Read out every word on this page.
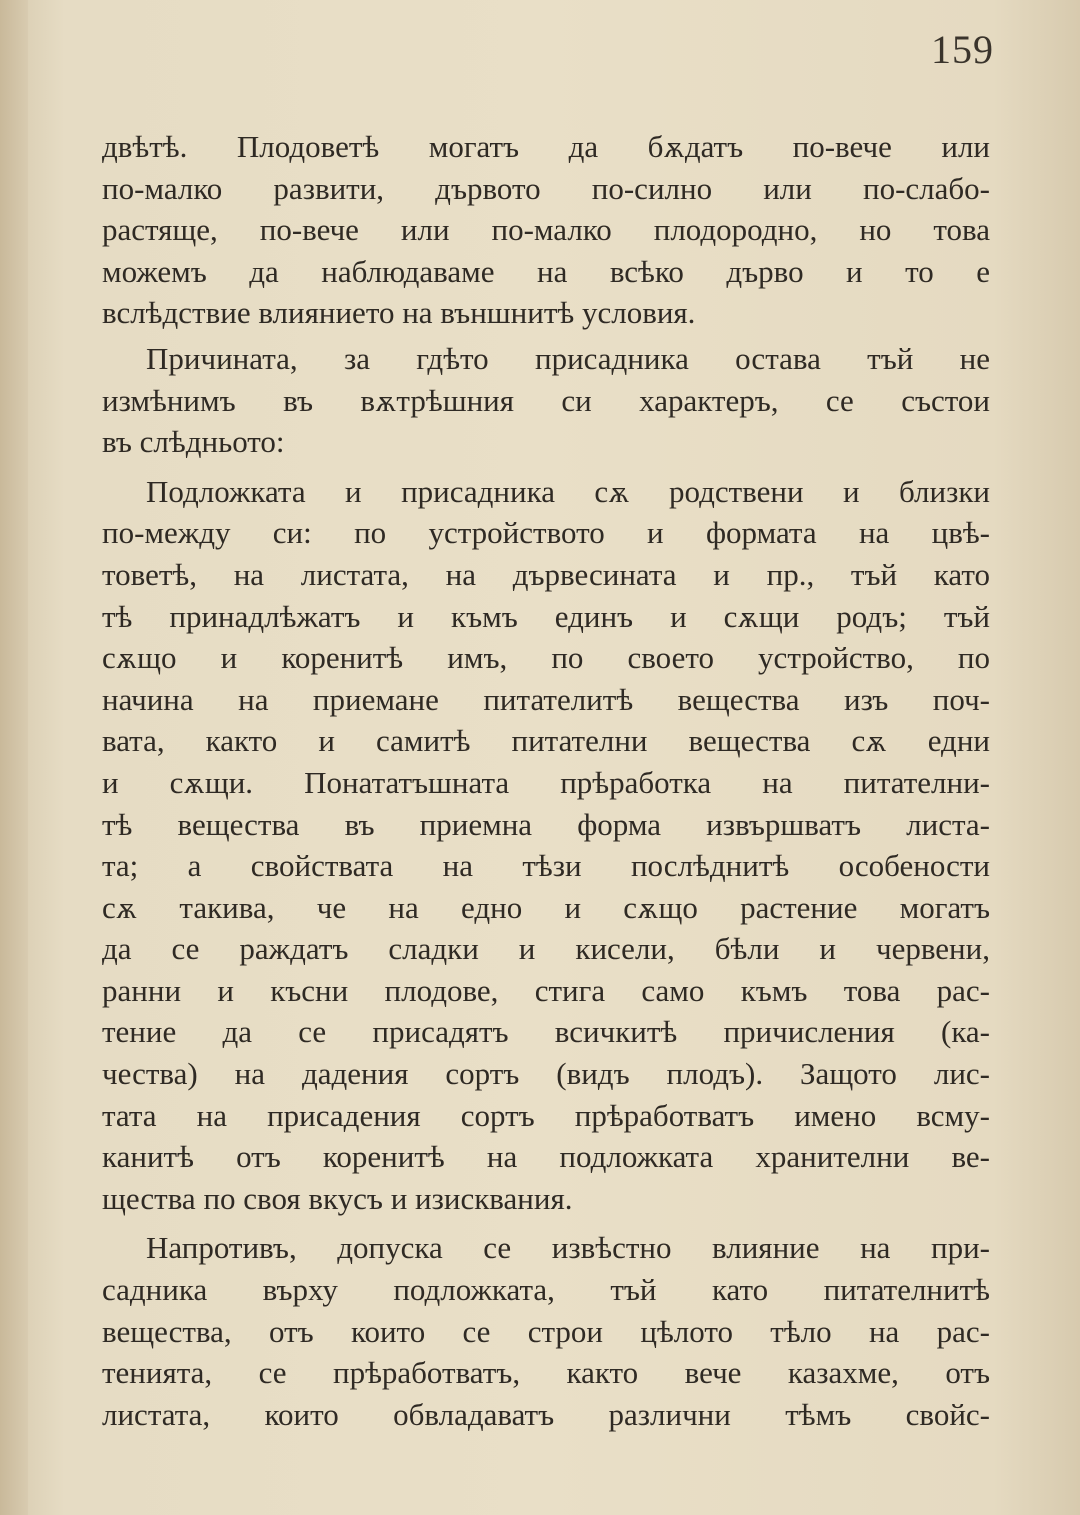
159
двѣтѣ. Плодоветѣ могатъ да бѫдатъ по-вече или
по-малко развити, дървото по-силно или по-слабо-
растяще, по-вече или по-малко плодородно, но това
можемъ да наблюдаваме на всѣко дърво и то е
вслѣдствие влиянието на външнитѣ условия.
Причината, за гдѣто присадника остава тъй не
измѣнимъ въ вѫтрѣшния си характеръ, се състои
въ слѣдньото:
Подложката и присадника сѫ родствени и близки
по-между си: по устройството и формата на цвѣ-
товетѣ, на листата, на дървесината и пр., тъй като
тѣ принадлѣжатъ и къмъ единъ и сѫщи родъ; тъй
сѫщо и коренитѣ имъ, по своето устройство, по
начина на приемане питателитѣ вещества изъ поч-
вата, както и самитѣ питателни вещества сѫ едни
и сѫщи. Понататъшната прѣработка на питателни-
тѣ вещества въ приемна форма извършватъ листа-
та; а свойствата на тѣзи послѣднитѣ особености
сѫ такива, че на едно и сѫщо растение могатъ
да се раждатъ сладки и кисели, бѣли и червени,
ранни и късни плодове, стига само къмъ това рас-
тение да се присадятъ всичкитѣ причисления (ка-
чества) на дадения сортъ (видъ плодъ). Защото лис-
тата на присадения сортъ прѣработватъ имено всму-
канитѣ отъ коренитѣ на подложката хранителни ве-
щества по своя вкусъ и изисквания.
Напротивъ, допуска се извѣстно влияние на при-
садника върху подложката, тъй като питателнитѣ
вещества, отъ които се строи цѣлото тѣло на рас-
тенията, се прѣработватъ, както вече казахме, отъ
листата, които обвладаватъ различни тѣмъ свойс-
